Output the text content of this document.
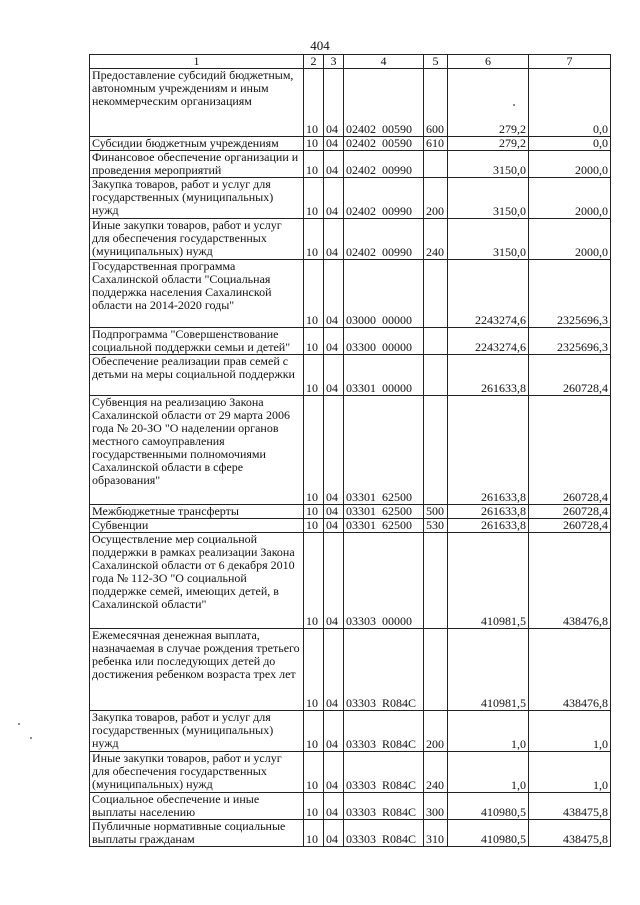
404
1	2	3	4	5	6	7
Предоставление субсидий бюджетным, автономным учреждениям и иным некоммерческим организациям	10	04	02402  00590	600	279,2	0,0
Субсидии бюджетным учреждениям	10	04	02402  00590	610	279,2	0,0
Финансовое обеспечение организации и проведения мероприятий	10	04	02402  00990		3150,0	2000,0
Закупка товаров, работ и услуг для государственных (муниципальных) нужд	10	04	02402  00990	200	3150,0	2000,0
Иные закупки товаров, работ и услуг для обеспечения государственных (муниципальных) нужд	10	04	02402  00990	240	3150,0	2000,0
Государственная программа Сахалинской области "Социальная поддержка населения Сахалинской области на 2014-2020 годы"	10	04	03000  00000		2243274,6	2325696,3
Подпрограмма "Совершенствование социальной поддержки семьи и детей"	10	04	03300  00000		2243274,6	2325696,3
Обеспечение реализации прав семей с детьми на меры социальной поддержки	10	04	03301  00000		261633,8	260728,4
Субвенция на реализацию Закона Сахалинской области от 29 марта 2006 года № 20-ЗО "О наделении органов местного самоуправления государственными полномочиями Сахалинской области в сфере образования"	10	04	03301  62500		261633,8	260728,4
Межбюджетные трансферты	10	04	03301  62500	500	261633,8	260728,4
Субвенции	10	04	03301  62500	530	261633,8	260728,4
Осуществление мер социальной поддержки в рамках реализации Закона Сахалинской области от 6 декабря 2010 года № 112-ЗО "О социальной поддержке семей, имеющих детей, в Сахалинской области"	10	04	03303  00000		410981,5	438476,8
Ежемесячная денежная выплата, назначаемая в случае рождения третьего ребенка или последующих детей до достижения ребенком возраста трех лет	10	04	03303  R084C		410981,5	438476,8
Закупка товаров, работ и услуг для государственных (муниципальных) нужд	10	04	03303  R084C	200	1,0	1,0
Иные закупки товаров, работ и услуг для обеспечения государственных (муниципальных) нужд	10	04	03303  R084C	240	1,0	1,0
Социальное обеспечение и иные выплаты населению	10	04	03303  R084C	300	410980,5	438475,8
Публичные нормативные социальные выплаты гражданам	10	04	03303  R084C	310	410980,5	438475,8
